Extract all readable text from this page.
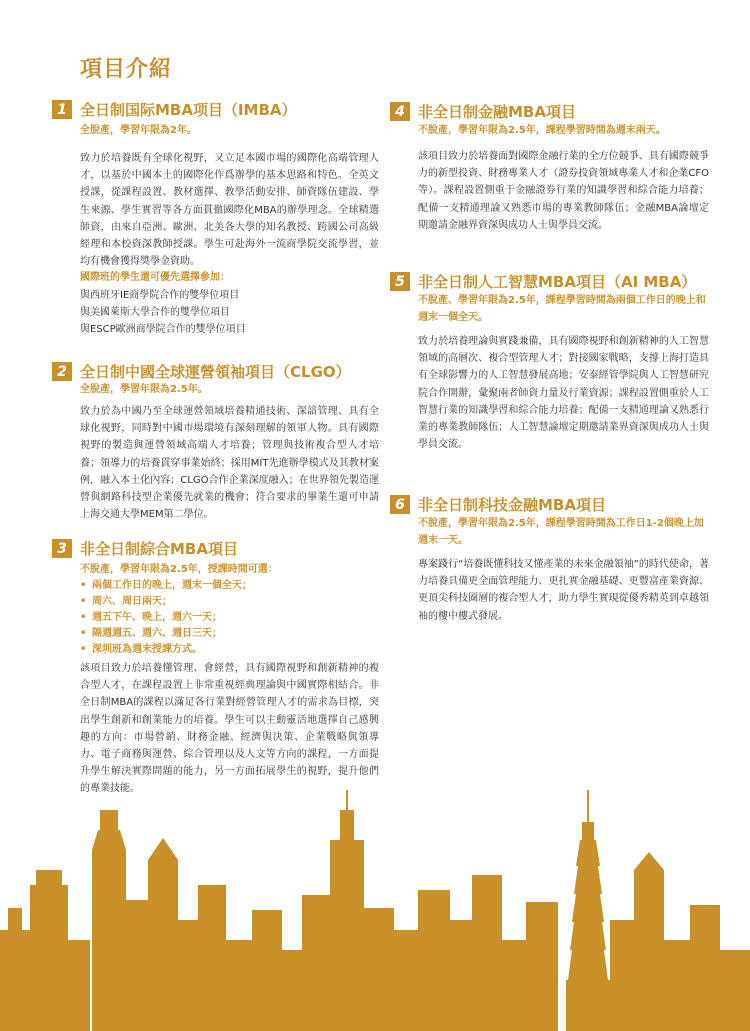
項目介紹
1 全日制国际MBA项目（IMBA）
全脫產，學習年限為2年。
致力於培養既有全球化視野，又立足本國市場的國際化高端管理人才，以基於中國本土的國際化作爲辦學的基本思路和特色。全英文授課，從課程設置、教材選擇、教學活動安排、師資隊伍建設、學生來源、學生實習等各方面貫徹國際化MBA的辦學理念。全球精選師資，由來自亞洲、歐洲、北美各大學的知名教授、跨國公司高級經理和本校資深教師授課。學生可赴海外一流商學院交流學習，並均有機會獲得獎學金資助。
國際班的學生還可優先選擇參加：
與西班牙IE商學院合作的雙學位項目
與美國萊斯大學合作的雙學位項目
與ESCP歐洲商學院合作的雙學位項目
2 全日制中國全球運營領袖項目（CLGO）
全脫產，學習年限為2.5年。
致力於為中國乃至全球運營領域培養精通技術、深諳管理、具有全球化視野，同時對中國市場環境有深刻理解的領軍人物。具有國際視野的製造與運營領域高端人才培養；管理與技術複合型人才培養；領導力的培養貫穿事業始終；採用MIT先進辦學模式及其教材案例，融入本土化內容；CLGO合作企業深度融入；在世界領先製造運營與網路科技型企業優先就業的機會；符合要求的畢業生還可申請上海交通大學MEM第二學位。
3 非全日制綜合MBA項目
不脫產，學習年限為2.5年，授課時間可選：
• 兩個工作日的晚上，週末一個全天；
• 周六、周日兩天；
• 週五下午、晚上，週六一天；
• 隔週週五、週六、週日三天；
• 深圳班為週末授課方式。
該項目致力於培養懂管理、會經營，具有國際視野和創新精神的複合型人才，在課程設置上非常重視經典理論與中國實際相結合。非全日制MBA的課程以滿足各行業對經營管理人才的需求為目標，突出學生創新和創業能力的培養。學生可以主動靈活地選擇自己感興趣的方向：市場營銷、財務金融、經濟與決策、企業戰略與領導力、電子商務與運營、綜合管理以及人文等方向的課程，一方面提升學生解決實際問題的能力，另一方面拓展學生的視野，提升他們的專業技能。
4 非全日制金融MBA項目
不脫產，學習年限為2.5年，課程學習時間為週末兩天。
該項目致力於培養面對國際金融行業的全方位競爭、具有國際競爭力的新型投資、財務專業人才（證券投資領域專業人才和企業CFO等）。課程設置側重于金融證券行業的知識學習和綜合能力培養；配備一支精通理論又熟悉市場的專業教師隊伍；金融MBA論壇定期邀請金融界資深與成功人士與學員交流。
5 非全日制人工智慧MBA項目（AI MBA）
不脫產、學習年限為2.5年，課程學習時間為兩個工作日的晚上和週末一個全天。
致力於培養理論與實踐兼備，具有國際視野和創新精神的人工智慧領域的高層次、複合型管理人才；對接國家戰略，支撐上海打造具有全球影響力的人工智慧發展高地；安泰經管學院與人工智慧研究院合作開辦，彙聚兩者師資力量及行業資源；課程設置側重於人工智慧行業的知識學習和綜合能力培養；配備一支精通理論又熟悉行業的專業教師隊伍；人工智慧論壇定期邀請業界資深與成功人士與學員交流。
6 非全日制科技金融MBA項目
不脫產，學習年限為2.5年，課程學習時間為工作日1-2個晚上加週末一天。
專案踐行“培養既懂科技又懂產業的未來金融領袖”的時代使命，著力培養具備更全面管理能力、更扎實金融基礎、更豐富產業資源、更頂尖科技圈層的複合型人才，助力學生實現從優秀精英到卓越領袖的樓中樓式發展。
